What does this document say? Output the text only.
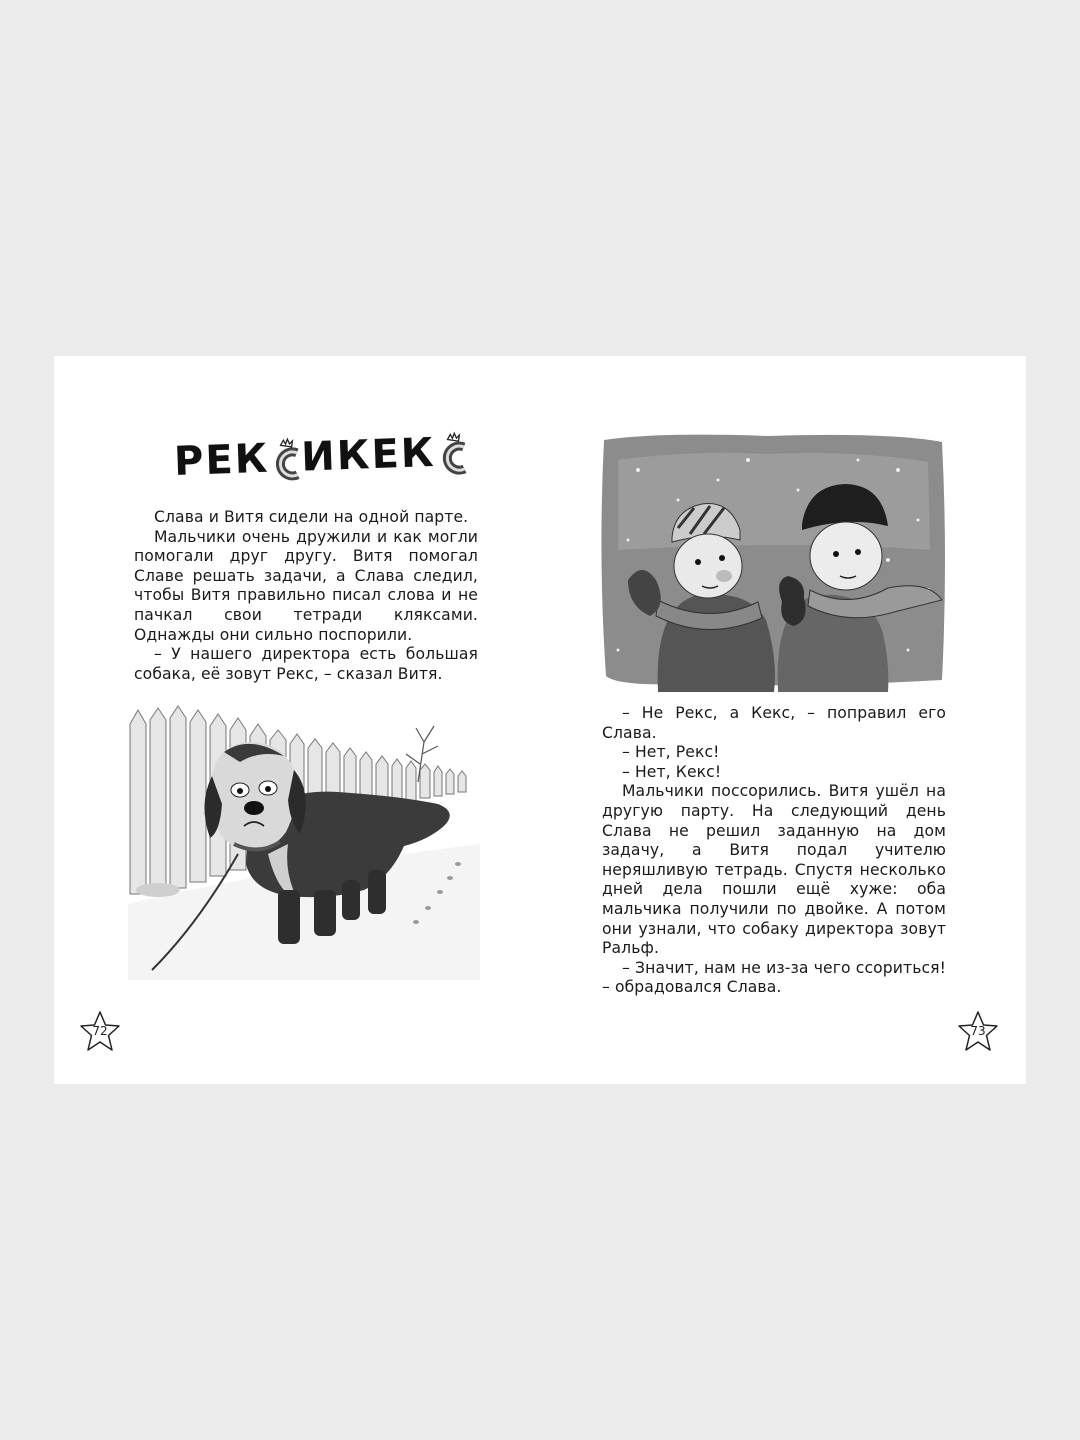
РЕК И
КЕК

Слава и Витя сидели на одной парте.

Мальчики очень дружили и как могли помогали друг другу. Витя помогал Славе решать задачи, а Слава следил, чтобы Витя правильно писал слова и не пачкал свои тетради кляксами. Однажды они сильно поспорили.

– У нашего директора есть большая собака, её зовут Рекс, – сказал Витя.

72

– Не Рекс, а Кекс, – поправил его Слава.

– Нет, Рекс!

– Нет, Кекс!

Мальчики поссорились. Витя ушёл на другую парту. На следующий день Слава не решил заданную на дом задачу, а Витя подал учителю неряшливую тетрадь. Спустя несколько дней дела пошли ещё хуже: оба мальчика получили по двойке. А потом они узнали, что собаку директора зовут Ральф.

– Значит, нам не из-за чего ссориться! – обрадовался Слава.

73
